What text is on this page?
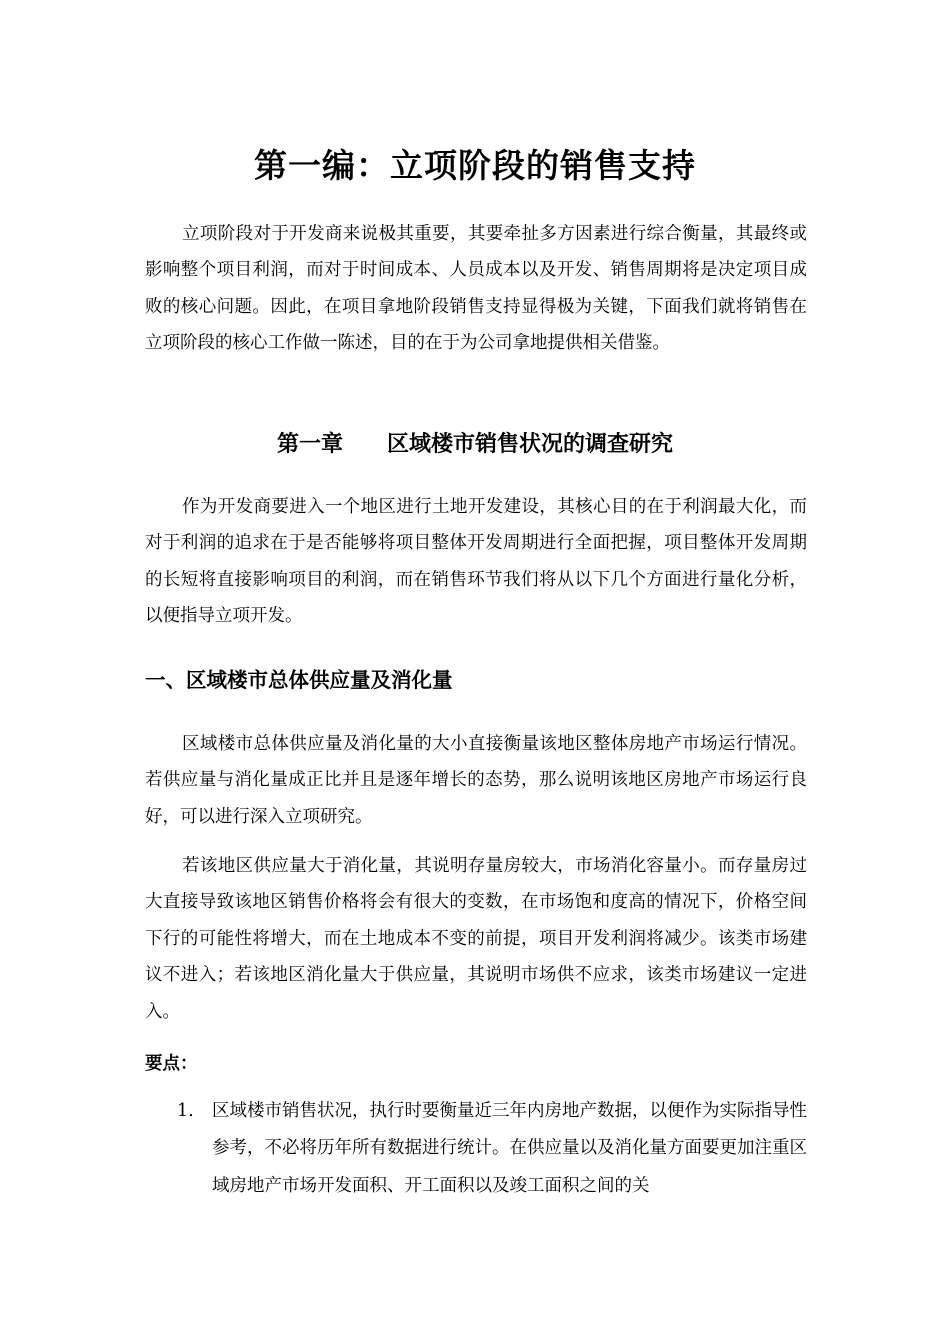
第一编：立项阶段的销售支持

立项阶段对于开发商来说极其重要，其要牵扯多方因素进行综合衡量，其最终或影响整个项目利润，而对于时间成本、人员成本以及开发、销售周期将是决定项目成败的核心问题。因此，在项目拿地阶段销售支持显得极为关键，下面我们就将销售在立项阶段的核心工作做一陈述，目的在于为公司拿地提供相关借鉴。

第一章　　区域楼市销售状况的调查研究

作为开发商要进入一个地区进行土地开发建设，其核心目的在于利润最大化，而对于利润的追求在于是否能够将项目整体开发周期进行全面把握，项目整体开发周期的长短将直接影响项目的利润，而在销售环节我们将从以下几个方面进行量化分析，以便指导立项开发。

一、区域楼市总体供应量及消化量

区域楼市总体供应量及消化量的大小直接衡量该地区整体房地产市场运行情况。若供应量与消化量成正比并且是逐年增长的态势，那么说明该地区房地产市场运行良好，可以进行深入立项研究。

若该地区供应量大于消化量，其说明存量房较大，市场消化容量小。而存量房过大直接导致该地区销售价格将会有很大的变数，在市场饱和度高的情况下，价格空间下行的可能性将增大，而在土地成本不变的前提，项目开发利润将减少。该类市场建议不进入；若该地区消化量大于供应量，其说明市场供不应求，该类市场建议一定进入。

要点：

1. 区域楼市销售状况，执行时要衡量近三年内房地产数据，以便作为实际指导性参考，不必将历年所有数据进行统计。在供应量以及消化量方面要更加注重区域房地产市场开发面积、开工面积以及竣工面积之间的关
